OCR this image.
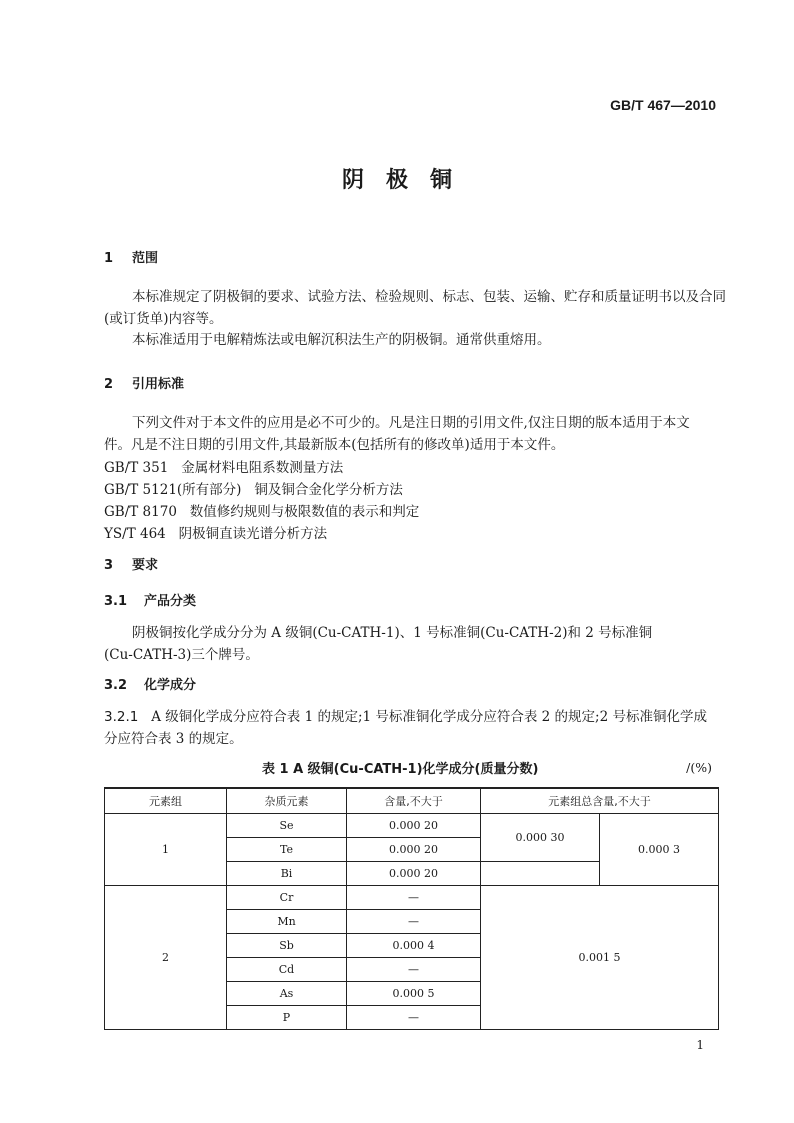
GB/T 467—2010
阴极铜
1 范围
本标准规定了阴极铜的要求、试验方法、检验规则、标志、包装、运输、贮存和质量证明书以及合同
(或订货单)内容等。
本标准适用于电解精炼法或电解沉积法生产的阴极铜。通常供重熔用。
2 引用标准
下列文件对于本文件的应用是必不可少的。凡是注日期的引用文件,仅注日期的版本适用于本文
件。凡是不注日期的引用文件,其最新版本(包括所有的修改单)适用于本文件。
GB/T 351 金属材料电阻系数测量方法
GB/T 5121(所有部分) 铜及铜合金化学分析方法
GB/T 8170 数值修约规则与极限数值的表示和判定
YS/T 464 阴极铜直读光谱分析方法
3 要求
3.1 产品分类
阴极铜按化学成分分为 A 级铜(Cu-CATH-1)、1 号标准铜(Cu-CATH-2)和 2 号标准铜
(Cu-CATH-3)三个牌号。
3.2 化学成分
3.2.1 A 级铜化学成分应符合表 1 的规定;1 号标准铜化学成分应符合表 2 的规定;2 号标准铜化学成
分应符合表 3 的规定。
表 1 A 级铜(Cu-CATH-1)化学成分(质量分数)	/(%)
元素组	杂质元素	含量,不大于	元素组总含量,不大于	
1	Se	0.000 20	0.000 30	0.000 3
	Te	0.000 20		
	Bi	0.000 20		
2	Cr	—	0.001 5	
	Mn	—		
	Sb	0.000 4		
	Cd	—		
	As	0.000 5		
	P	—		
1
